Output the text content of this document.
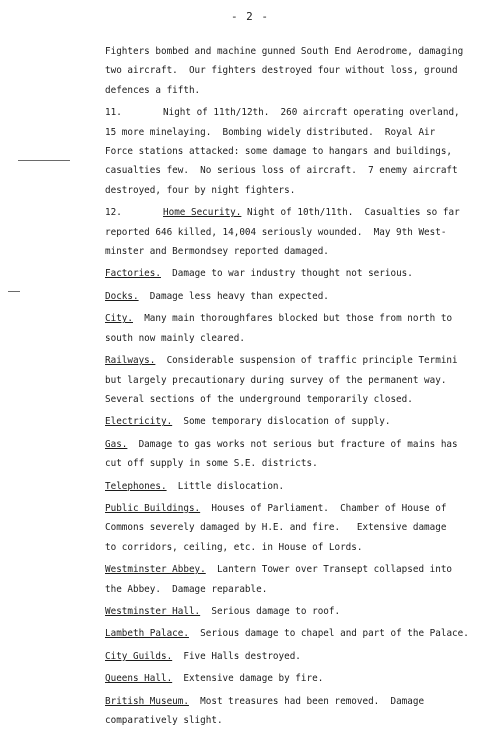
- 2 -
Fighters bombed and machine gunned South End Aerodrome, damaging
two aircraft.  Our fighters destroyed four without loss, ground
defences a fifth.
11.	Night of 11th/12th.  260 aircraft operating overland,
15 more minelaying.  Bombing widely distributed.  Royal Air
Force stations attacked: some damage to hangars and buildings,
casualties few.  No serious loss of aircraft.  7 enemy aircraft
destroyed, four by night fighters.
12.	Home Security. Night of 10th/11th.  Casualties so far
reported 646 killed, 14,004 seriously wounded.  May 9th West-
minster and Bermondsey reported damaged.
Factories.  Damage to war industry thought not serious.
Docks.  Damage less heavy than expected.
City.  Many main thoroughfares blocked but those from north to
south now mainly cleared.
Railways.  Considerable suspension of traffic principle Termini
but largely precautionary during survey of the permanent way.
Several sections of the underground temporarily closed.
Electricity.  Some temporary dislocation of supply.
Gas.  Damage to gas works not serious but fracture of mains has
cut off supply in some S.E. districts.
Telephones.  Little dislocation.
Public Buildings.  Houses of Parliament.  Chamber of House of
Commons severely damaged by H.E. and fire.   Extensive damage
to corridors, ceiling, etc. in House of Lords.
Westminster Abbey.  Lantern Tower over Transept collapsed into
the Abbey.  Damage reparable.
Westminster Hall.  Serious damage to roof.
Lambeth Palace.  Serious damage to chapel and part of the Palace.
City Guilds.  Five Halls destroyed.
Queens Hall.  Extensive damage by fire.
British Museum.  Most treasures had been removed.  Damage
comparatively slight.
